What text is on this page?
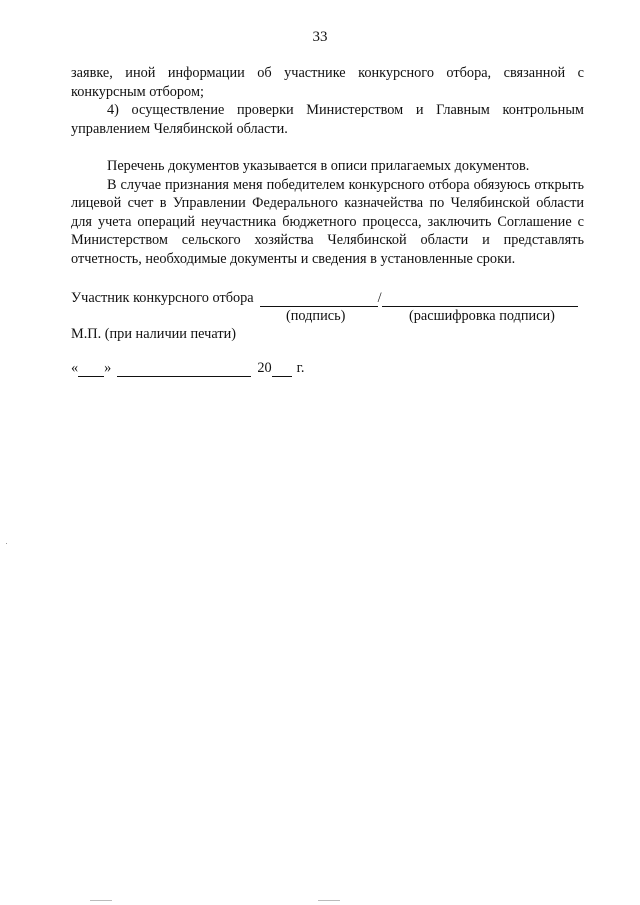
33

заявке, иной информации об участнике конкурсного отбора, связанной с конкурсным отбором;

4) осуществление проверки Министерством и Главным контрольным управлением Челябинской области.

Перечень документов указывается в описи прилагаемых документов.

В случае признания меня победителем конкурсного отбора обязуюсь открыть лицевой счет в Управлении Федерального казначейства по Челябинской области для учета операций неучастника бюджетного процесса, заключить Соглашение с Министерством сельского хозяйства Челябинской области и представлять отчетность, необходимые документы и сведения в установленные сроки.

Участник конкурсного отбора	/
(подпись)	(расшифровка подписи)
М.П. (при наличии печати)
« »	20 г.
